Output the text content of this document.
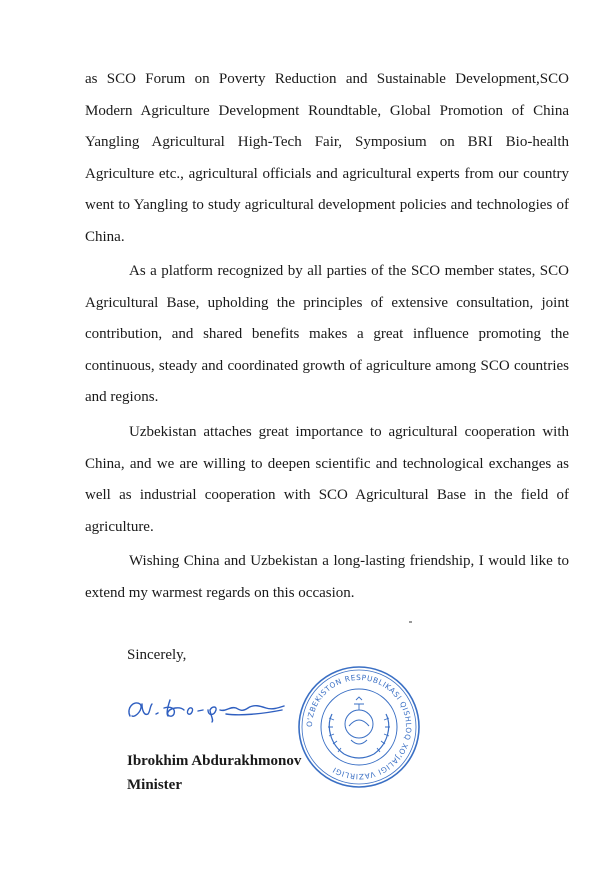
as SCO Forum on Poverty Reduction and Sustainable Development,SCO Modern Agriculture Development Roundtable, Global Promotion of China Yangling Agricultural High-Tech Fair, Symposium on BRI Bio-health Agriculture etc., agricultural officials and agricultural experts from our country went to Yangling to study agricultural development policies and technologies of China.
As a platform recognized by all parties of the SCO member states, SCO Agricultural Base, upholding the principles of extensive consultation, joint contribution, and shared benefits makes a great influence promoting the continuous, steady and coordinated growth of agriculture among SCO countries and regions.
Uzbekistan attaches great importance to agricultural cooperation with China, and we are willing to deepen scientific and technological exchanges as well as industrial cooperation with SCO Agricultural Base in the field of agriculture.
Wishing China and Uzbekistan a long-lasting friendship, I would like to extend my warmest regards on this occasion.
Sincerely,
O'ZBEKISTON RESPUBLIKASI QISHLOQ XO'JALIGI VAZIRLIGI
Ibrokhim Abdurakhmonov
Minister
